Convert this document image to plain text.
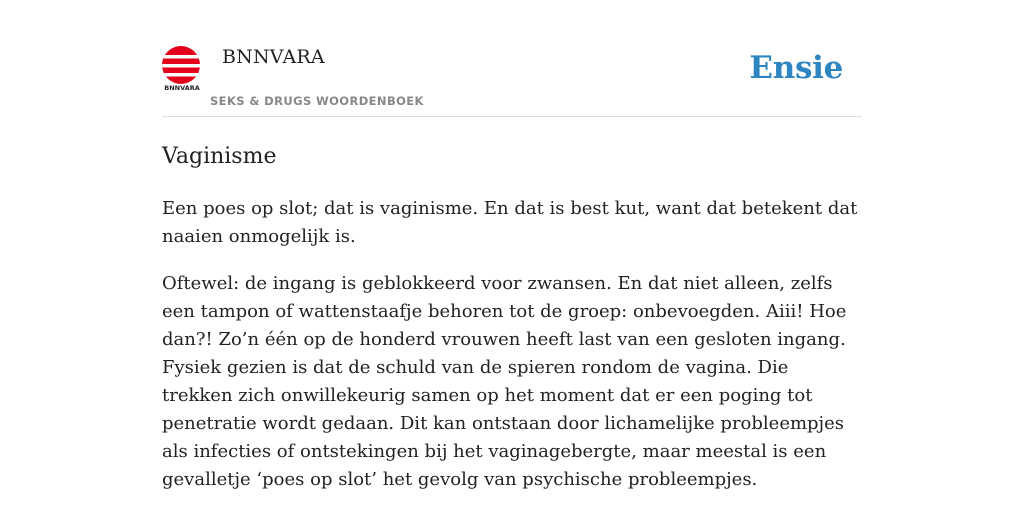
BNNVARA
BNNVARA
SEKS & DRUGS WOORDENBOEK
Ensie
Vaginisme

Een poes op slot; dat is vaginisme. En dat is best kut, want dat betekent dat naaien onmogelijk is.

Oftewel: de ingang is geblokkeerd voor zwansen. En dat niet alleen, zelfs een tampon of wattenstaafje behoren tot de groep: onbevoegden. Aiii! Hoe dan?! Zo’n één op de honderd vrouwen heeft last van een gesloten ingang. Fysiek gezien is dat de schuld van de spieren rondom de vagina. Die trekken zich onwillekeurig samen op het moment dat er een poging tot penetratie wordt gedaan. Dit kan ontstaan door lichamelijke probleempjes als infecties of ontstekingen bij het vaginagebergte, maar meestal is een gevalletje ‘poes op slot’ het gevolg van psychische probleempjes.
